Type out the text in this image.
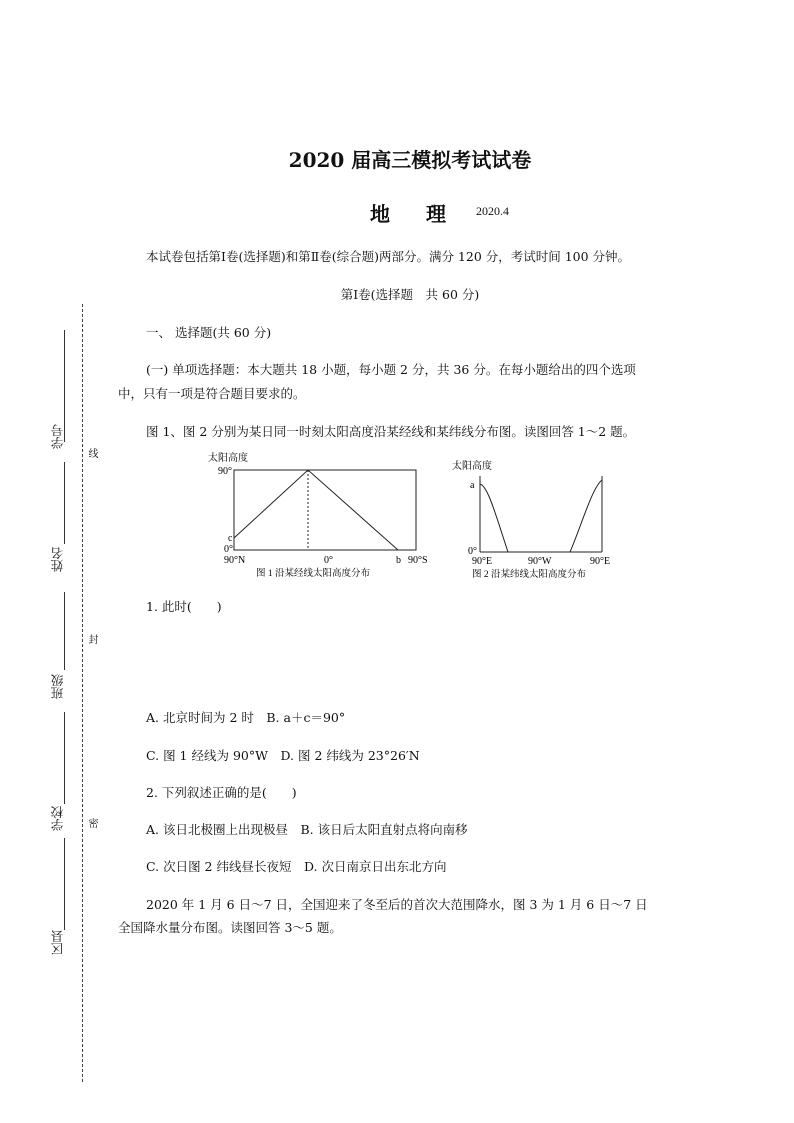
学号
姓名
班级
学校
区县
线
封
密
2020 届高三模拟考试试卷
地理
2020.4
本试卷包括第Ⅰ卷(选择题)和第Ⅱ卷(综合题)两部分。满分 120 分，考试时间 100 分钟。
第Ⅰ卷(选择题　共 60 分)
一、 选择题(共 60 分)
(一) 单项选择题：本大题共 18 小题，每小题 2 分，共 36 分。在每小题给出的四个选项
中，只有一项是符合题目要求的。
图 1、图 2 分别为某日同一时刻太阳高度沿某经线和某纬线分布图。读图回答 1～2 题。
太阳高度
90°
c
0°
90°N	0°	b 90°S
图 1 沿某经线太阳高度分布
太阳高度
a
0°
90°E	90°W	90°E
图 2 沿某纬线太阳高度分布
1. 此时(　　)
A. 北京时间为 2 时　B. a＋c＝90°
C. 图 1 经线为 90°W　D. 图 2 纬线为 23°26′N
2. 下列叙述正确的是(　　)
A. 该日北极圈上出现极昼　B. 该日后太阳直射点将向南移
C. 次日图 2 纬线昼长夜短　D. 次日南京日出东北方向
2020 年 1 月 6 日～7 日，全国迎来了冬至后的首次大范围降水，图 3 为 1 月 6 日～7 日
全国降水量分布图。读图回答 3～5 题。
